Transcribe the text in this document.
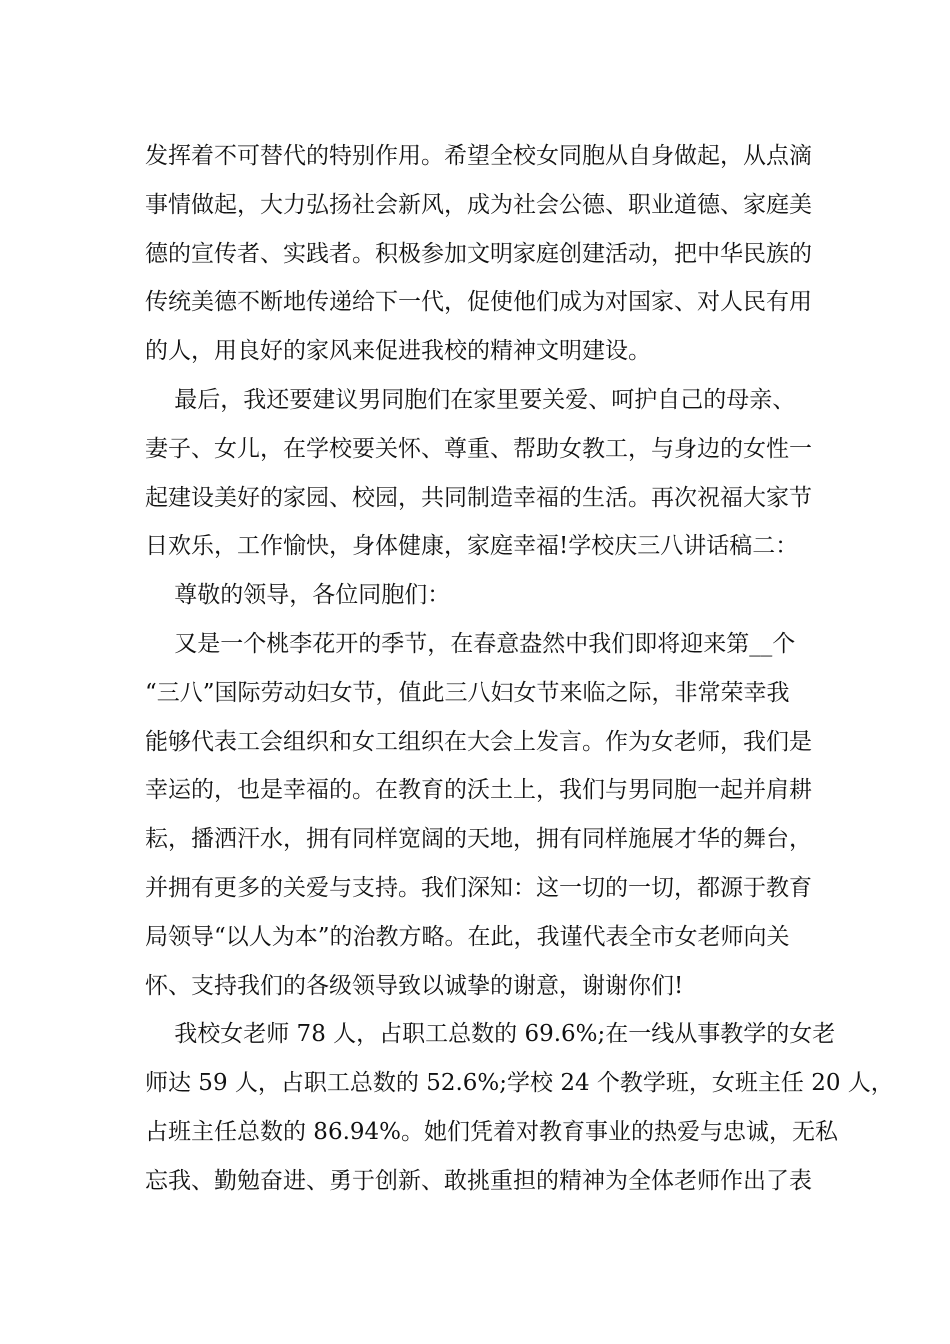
发挥着不可替代的特别作用。希望全校女同胞从自身做起，从点滴
事情做起，大力弘扬社会新风，成为社会公德、职业道德、家庭美
德的宣传者、实践者。积极参加文明家庭创建活动，把中华民族的
传统美德不断地传递给下一代，促使他们成为对国家、对人民有用
的人，用良好的家风来促进我校的精神文明建设。
最后，我还要建议男同胞们在家里要关爱、呵护自己的母亲、
妻子、女儿，在学校要关怀、尊重、帮助女教工，与身边的女性一
起建设美好的家园、校园，共同制造幸福的生活。再次祝福大家节
日欢乐，工作愉快，身体健康，家庭幸福!学校庆三八讲话稿二：
尊敬的领导，各位同胞们：
又是一个桃李花开的季节，在春意盎然中我们即将迎来第__个
“三八”国际劳动妇女节，值此三八妇女节来临之际，非常荣幸我
能够代表工会组织和女工组织在大会上发言。作为女老师，我们是
幸运的，也是幸福的。在教育的沃土上，我们与男同胞一起并肩耕
耘，播洒汗水，拥有同样宽阔的天地，拥有同样施展才华的舞台，
并拥有更多的关爱与支持。我们深知：这一切的一切，都源于教育
局领导“以人为本”的治教方略。在此，我谨代表全市女老师向关
怀、支持我们的各级领导致以诚挚的谢意，谢谢你们!
我校女老师 78 人，占职工总数的 69.6%;在一线从事教学的女老
师达 59 人，占职工总数的 52.6%;学校 24 个教学班，女班主任 20 人，
占班主任总数的 86.94%。她们凭着对教育事业的热爱与忠诚，无私
忘我、勤勉奋进、勇于创新、敢挑重担的精神为全体老师作出了表
